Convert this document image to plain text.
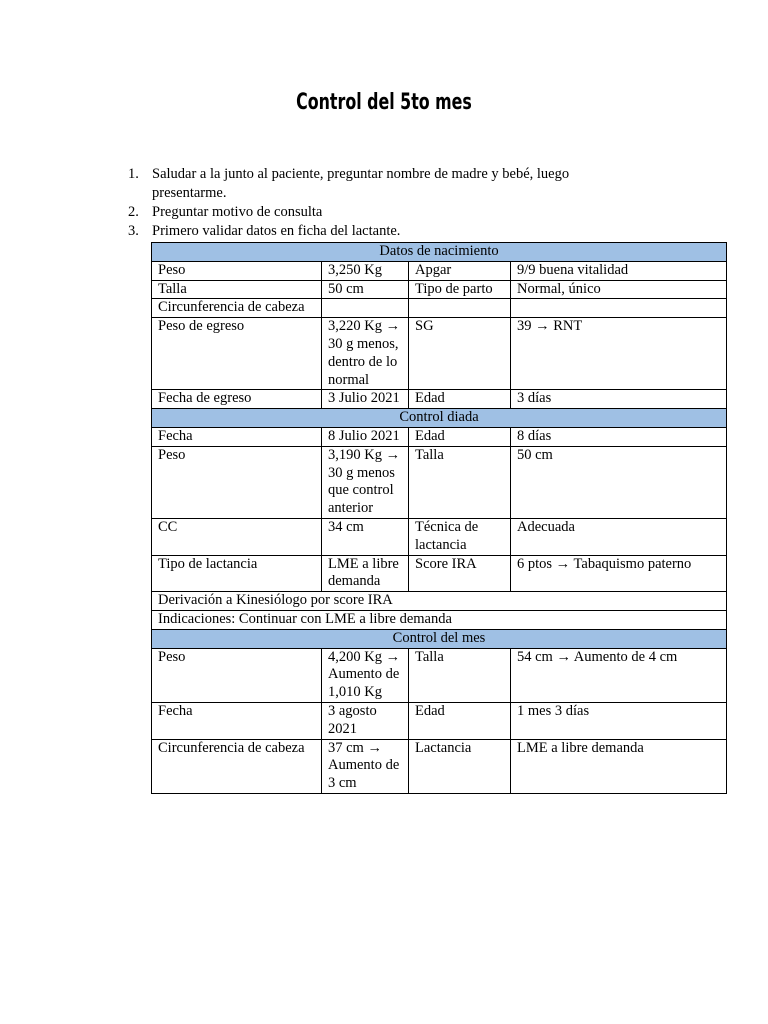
Control del 5to mes
1. Saludar a la junto al paciente, preguntar nombre de madre y bebé, luego presentarme.
2. Preguntar motivo de consulta
3. Primero validar datos en ficha del lactante.
Datos de nacimiento			
Peso	3,250 Kg	Apgar	9/9 buena vitalidad
Talla	50 cm	Tipo de parto	Normal, único
Circunferencia de cabeza			
Peso de egreso	3,220 Kg → 30 g menos, dentro de lo normal	SG	39 → RNT
Fecha de egreso	3 Julio 2021	Edad	3 días
Control diada			
Fecha	8 Julio 2021	Edad	8 días
Peso	3,190 Kg → 30 g menos que control anterior	Talla	50 cm
CC	34 cm	Técnica de lactancia	Adecuada
Tipo de lactancia	LME a libre demanda	Score IRA	6 ptos → Tabaquismo paterno
Derivación a Kinesiólogo por score IRA			
Indicaciones: Continuar con LME a libre demanda			
Control del mes			
Peso	4,200 Kg → Aumento de 1,010 Kg	Talla	54 cm → Aumento de 4 cm
Fecha	3 agosto 2021	Edad	1 mes 3 días
Circunferencia de cabeza	37 cm → Aumento de 3 cm	Lactancia	LME a libre demanda
